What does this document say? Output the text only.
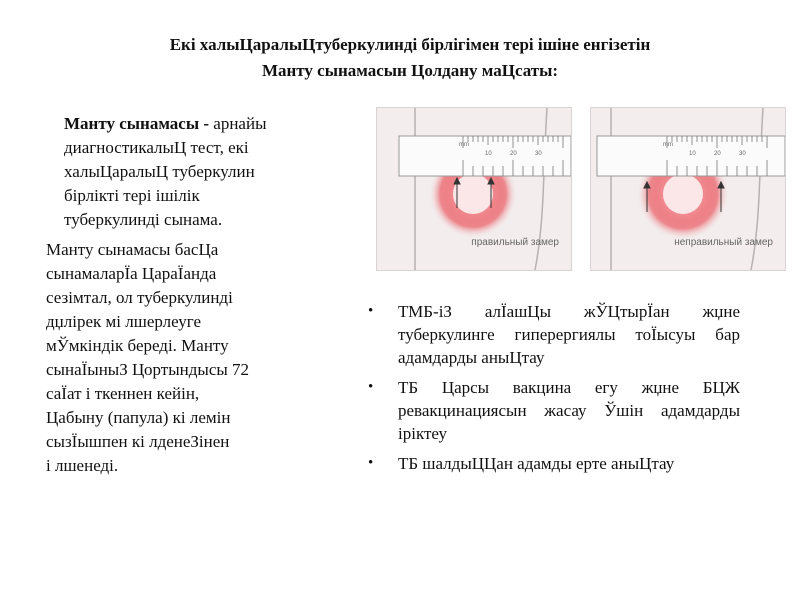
Екі халыЦаралыЦтуберкулинді бірлігімен тері ішіне енгізетін
Манту сынамасын Цолдану маЦсаты:
Манту сынамасы - арнайы
диагностикалыЦ тест, екі
халыЦаралыЦ туберкулин
бірлікті тері ішілік
туберкулинді сынама.
Манту сынамасы басЦа
сынамаларЇа ЦараЇанда
сезімтал, ол туберкулинді
дџлірек мі лшерлеуге
мЎмкіндік береді. Манту
сынаЇыныЗ Цортындысы 72
саЇат і ткеннен кейін,
Цабыну (папула) кі лемін
сызЇышпен кі лденеЗінен
і лшенеді.
mm
10	20	30
правильный замер
mm
10	20	30
неправильный замер
• ТМБ-іЗ алЇашЦы жЎЦтырЇан жџне туберкулинге гиперергиялы тоЇысуы бар адамдарды аныЦтау
• ТБ Царсы вакцина егу жџне БЦЖ ревакцинациясын жасау Ўшін адамдарды іріктеу
• ТБ шалдыЦЦан адамды ерте аныЦтау
